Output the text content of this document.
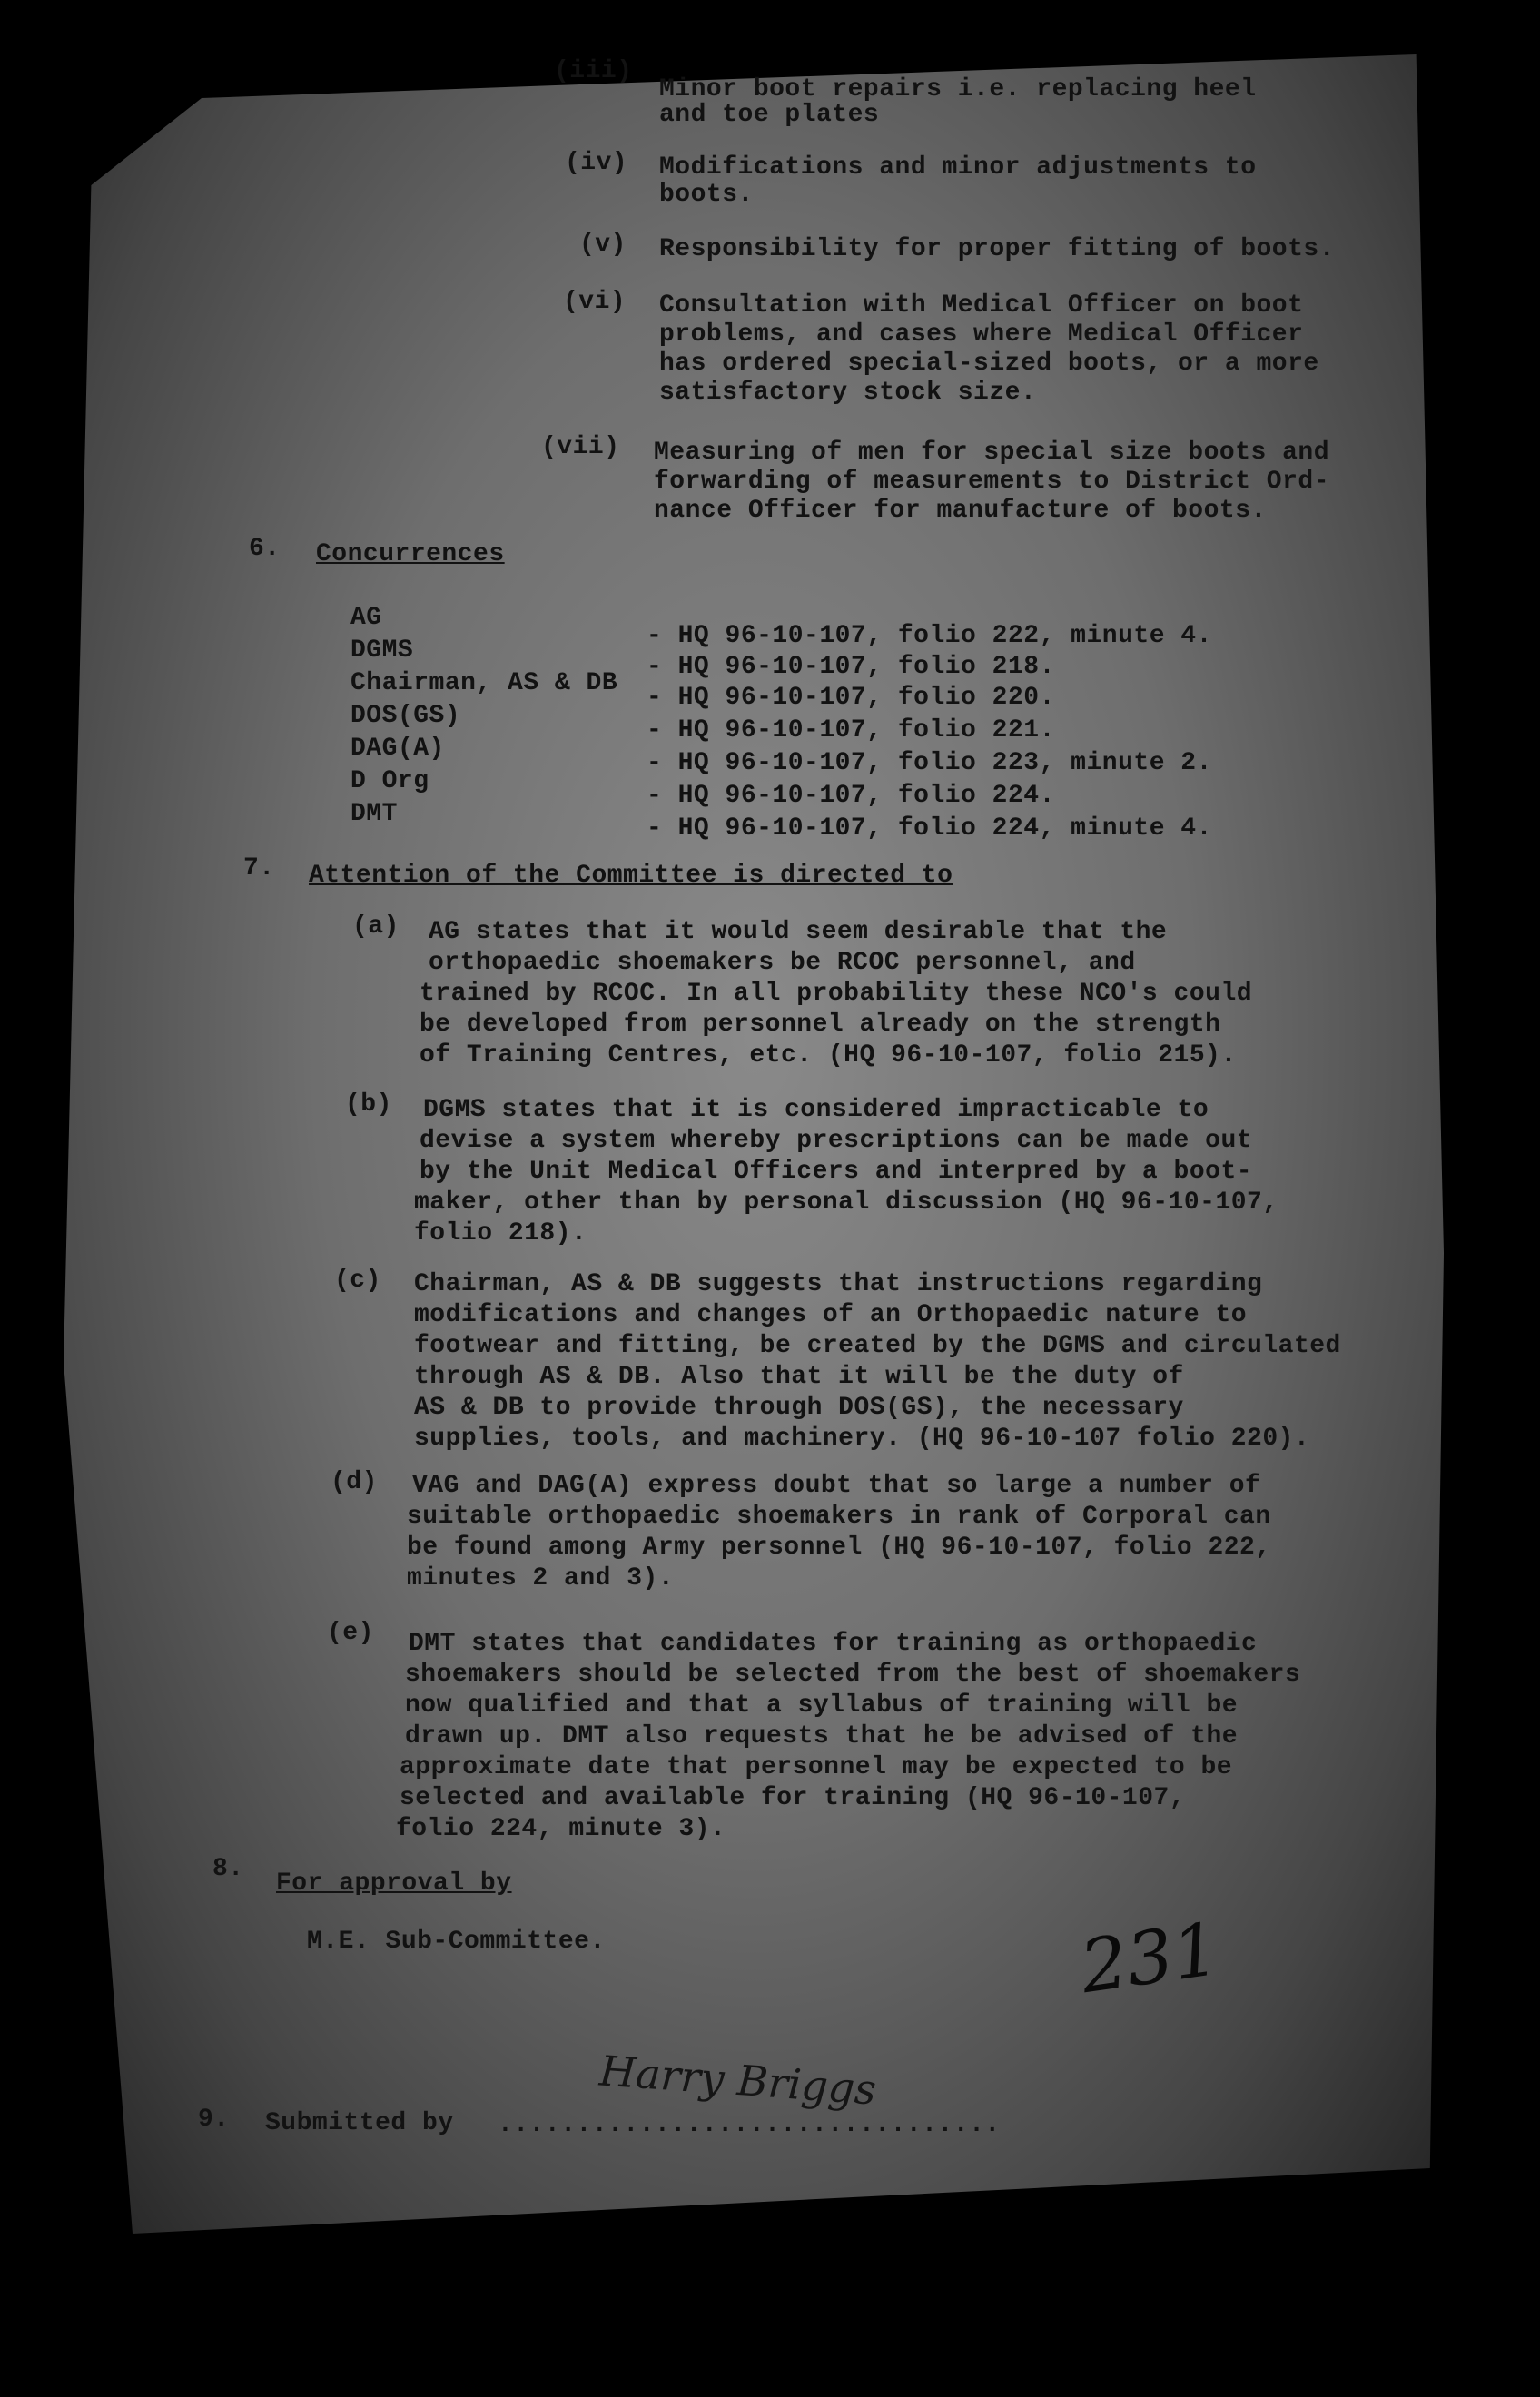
(iii)
Minor boot repairs i.e. replacing heel
and toe plates
(iv) Modifications and minor adjustments to
boots.
(v) Responsibility for proper fitting of boots.
(vi) Consultation with Medical Officer on boot
problems, and cases where Medical Officer
has ordered special-sized boots, or a more
satisfactory stock size.
(vii) Measuring of men for special size boots and
forwarding of measurements to District Ord-
nance Officer for manufacture of boots.
6. Concurrences
AG
- HQ 96-10-107, folio 222, minute 4.
DGMS
- HQ 96-10-107, folio 218.
Chairman, AS & DB
- HQ 96-10-107, folio 220.
DOS(GS)
- HQ 96-10-107, folio 221.
DAG(A)
- HQ 96-10-107, folio 223, minute 2.
D Org
- HQ 96-10-107, folio 224.
DMT
- HQ 96-10-107, folio 224, minute 4.
7. Attention of the Committee is directed to
(a) AG states that it would seem desirable that the
orthopaedic shoemakers be RCOC personnel, and
trained by RCOC. In all probability these NCO's could
be developed from personnel already on the strength
of Training Centres, etc. (HQ 96-10-107, folio 215).
(b) DGMS states that it is considered impracticable to
devise a system whereby prescriptions can be made out
by the Unit Medical Officers and interpred by a boot-
maker, other than by personal discussion (HQ 96-10-107,
folio 218).
(c) Chairman, AS & DB suggests that instructions regarding
modifications and changes of an Orthopaedic nature to
footwear and fitting, be created by the DGMS and circulated
through AS & DB. Also that it will be the duty of
AS & DB to provide through DOS(GS), the necessary
supplies, tools, and machinery. (HQ 96-10-107 folio 220).
(d) VAG and DAG(A) express doubt that so large a number of
suitable orthopaedic shoemakers in rank of Corporal can
be found among Army personnel (HQ 96-10-107, folio 222,
minutes 2 and 3).
(e) DMT states that candidates for training as orthopaedic
shoemakers should be selected from the best of shoemakers
now qualified and that a syllabus of training will be
drawn up. DMT also requests that he be advised of the
approximate date that personnel may be expected to be
selected and available for training (HQ 96-10-107,
folio 224, minute 3).
8.
For approval by
M.E. Sub-Committee.
9. Submitted by ................................
231
Harry Briggs
